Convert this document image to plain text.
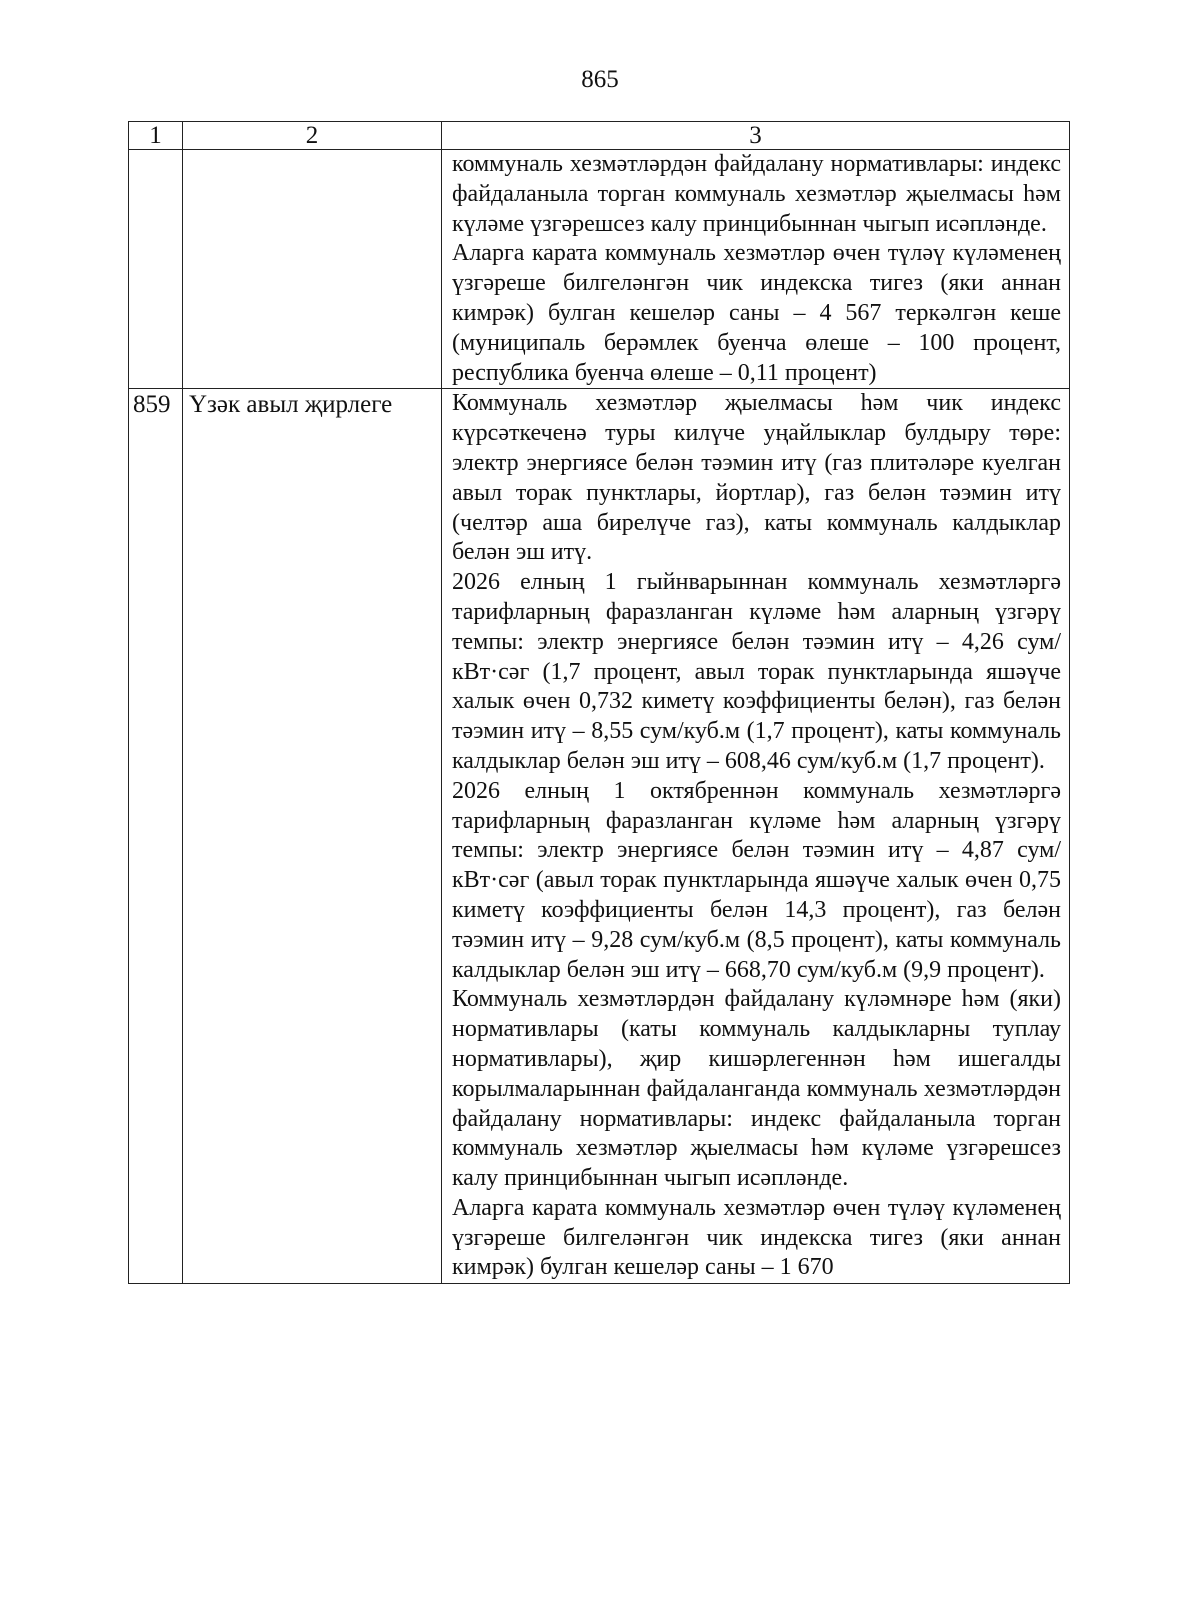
865
1	2	3

		коммуналь хезмәтләрдән файдалану нормативлары: индекс файдаланыла торган коммуналь хезмәтләр җыелмасы һәм күләме үзгәрешсез калу принцибыннан чыгып исәпләнде.

Аларга карата коммуналь хезмәтләр өчен түләү күләменең үзгәреше билгеләнгән чик индекска тигез (яки аннан кимрәк) булган кешеләр саны – 4 567 теркәлгән кеше (муниципаль берәмлек буенча өлеше – 100 процент, республика буенча өлеше – 0,11 процент)

859	Үзәк авыл җирлеге	Коммуналь хезмәтләр җыелмасы һәм чик индекс күрсәткеченә туры килүче уңайлыклар булдыру төре: электр энергиясе белән тәэмин итү (газ плитәләре куелган авыл торак пунктлары, йортлар), газ белән тәэмин итү (челтәр аша бирелүче газ), каты коммуналь калдыклар белән эш итү.

2026 елның 1 гыйнварыннан коммуналь хезмәтләргә тарифларның фаразланган күләме һәм аларның үзгәрү темпы: электр энергиясе белән тәэмин итү – 4,26 сум/кВт·сәг (1,7 процент, авыл торак пунктларында яшәүче халык өчен 0,732 киметү коэффициенты белән), газ белән тәэмин итү – 8,55 сум/куб.м (1,7 процент), каты коммуналь калдыклар белән эш итү – 608,46 сум/куб.м (1,7 процент).

2026 елның 1 октябреннән коммуналь хезмәтләргә тарифларның фаразланган күләме һәм аларның үзгәрү темпы: электр энергиясе белән тәэмин итү – 4,87 сум/кВт·сәг (авыл торак пунктларында яшәүче халык өчен 0,75 киметү коэффициенты белән 14,3 процент), газ белән тәэмин итү – 9,28 сум/куб.м (8,5 процент), каты коммуналь калдыклар белән эш итү – 668,70 сум/куб.м (9,9 процент).

Коммуналь хезмәтләрдән файдалану күләмнәре һәм (яки) нормативлары (каты коммуналь калдыкларны туплау нормативлары), җир кишәрлегеннән һәм ишегалды корылмаларыннан файдаланганда коммуналь хезмәтләрдән файдалану нормативлары: индекс файдаланыла торган коммуналь хезмәтләр җыелмасы һәм күләме үзгәрешсез калу принцибыннан чыгып исәпләнде.

Аларга карата коммуналь хезмәтләр өчен түләү күләменең үзгәреше билгеләнгән чик индекска тигез (яки аннан кимрәк) булган кешеләр саны – 1 670
